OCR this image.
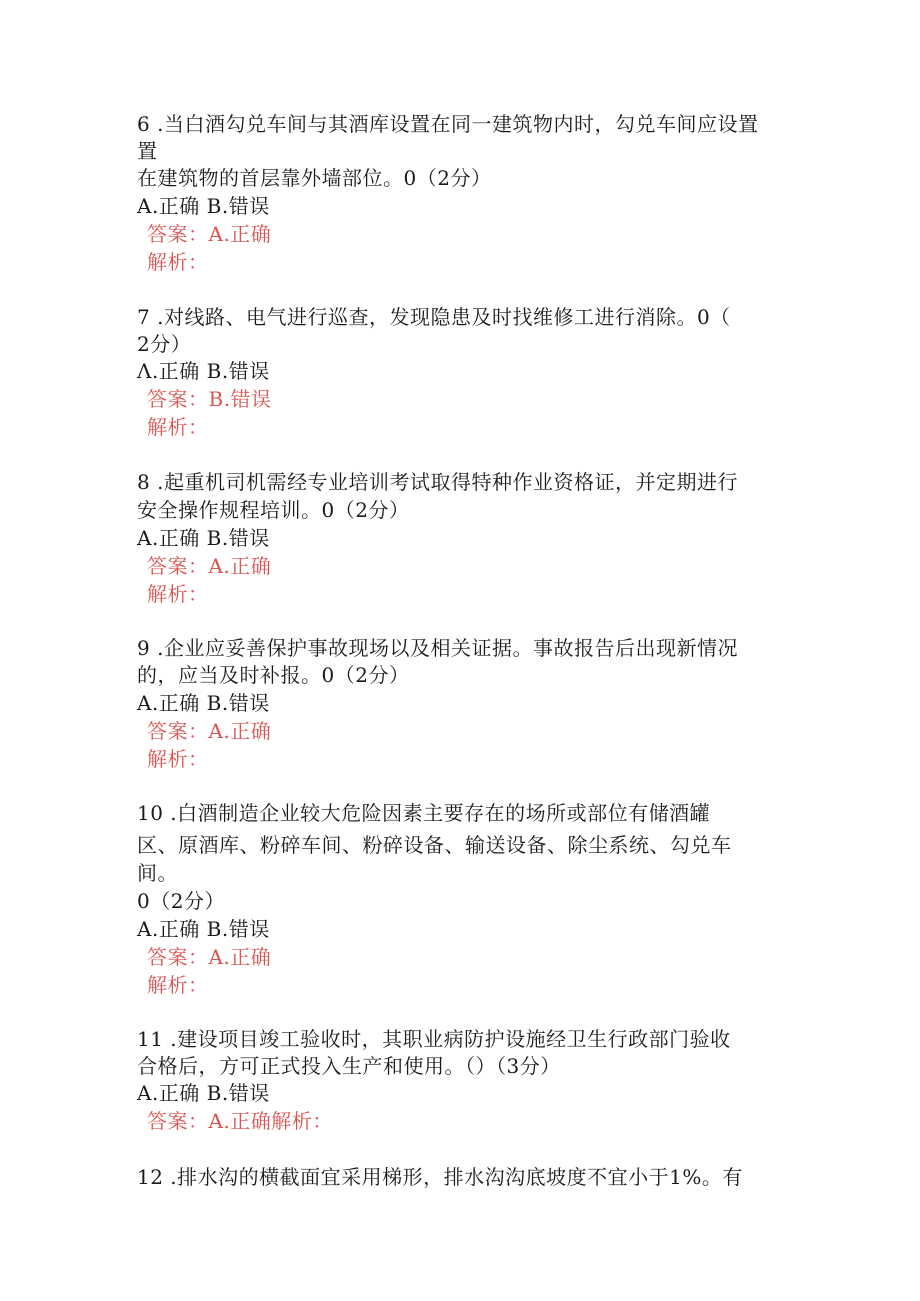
6 .当白酒勾兑车间与其酒库设置在同一建筑物内时，勾兑车间应设置
置
在建筑物的首层靠外墙部位。0（2分）
A.正确 B.错误
答案：A.正确
解析：
7 .对线路、电气进行巡查，发现隐患及时找维修工进行消除。0（
2分）
Λ.正确 B.错误
答案：B.错误
解析：
8 .起重机司机需经专业培训考试取得特种作业资格证，并定期进行
安全操作规程培训。0（2分）
A.正确 B.错误
答案：A.正确
解析：
9 .企业应妥善保护事故现场以及相关证据。事故报告后出现新情况
的，应当及时补报。0（2分）
A.正确 B.错误
答案：A.正确
解析：
10 .白酒制造企业较大危险因素主要存在的场所或部位有储酒罐
区、原酒库、粉碎车间、粉碎设备、输送设备、除尘系统、勾兑车
间。
0（2分）
A.正确 B.错误
答案：A.正确
解析：
11 .建设项目竣工验收时，其职业病防护设施经卫生行政部门验收
合格后，方可正式投入生产和使用。（）（3分）
A.正确 B.错误
答案：A.正确解析：
12 .排水沟的横截面宜采用梯形，排水沟沟底坡度不宜小于1%。有
